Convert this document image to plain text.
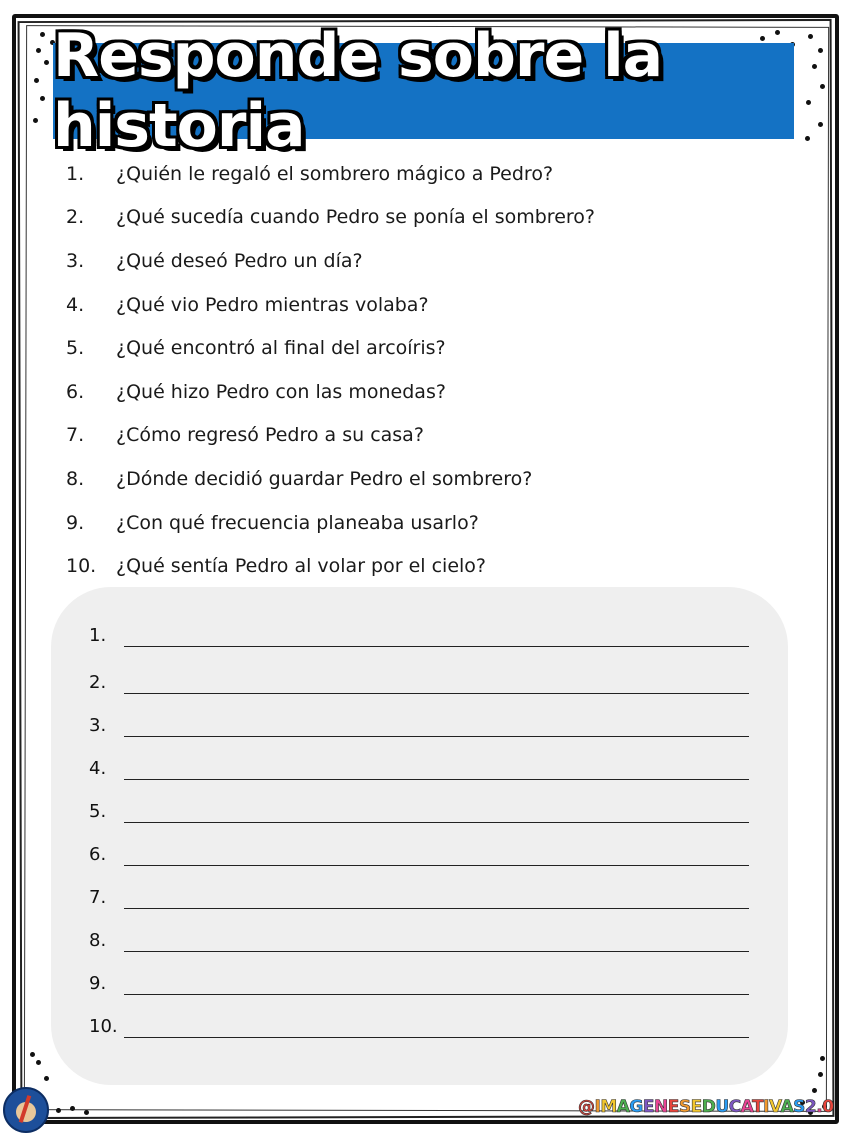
Responde sobre la historia
1.	¿Quién le regaló el sombrero mágico a Pedro?
2.	¿Qué sucedía cuando Pedro se ponía el sombrero?
3.	¿Qué deseó Pedro un día?
4.	¿Qué vio Pedro mientras volaba?
5.	¿Qué encontró al final del arcoíris?
6.	¿Qué hizo Pedro con las monedas?
7.	¿Cómo regresó Pedro a su casa?
8.	¿Dónde decidió guardar Pedro el sombrero?
9.	¿Con qué frecuencia planeaba usarlo?
10.	¿Qué sentía Pedro al volar por el cielo?
1.
2.
3.
4.
5.
6.
7.
8.
9.
10.
@IMAGENESEDUCATIVAS2.0
